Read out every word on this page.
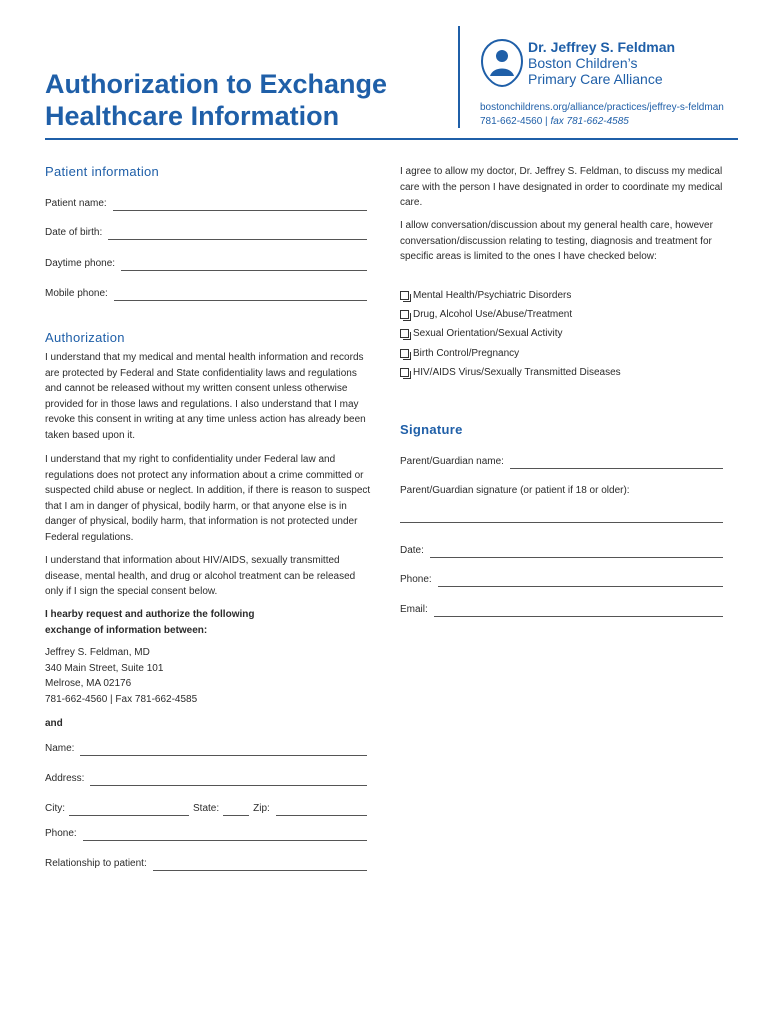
Authorization to Exchange
Healthcare Information
Dr. Jeffrey S. Feldman
Boston Children’s
Primary Care Alliance
bostonchildrens.org/alliance/practices/jeffrey-s-feldman
781-662-4560 | fax 781-662-4585
Patient information
Patient name:
Date of birth:
Daytime phone:
Mobile phone:
Authorization
I understand that my medical and mental health information and records are protected by Federal and State confidentiality laws and regulations and cannot be released without my written consent unless otherwise provided for in those laws and regulations. I also understand that I may revoke this consent in writing at any time unless action has already been taken based upon it.
I understand that my right to confidentiality under Federal law and regulations does not protect any information about a crime committed or suspected child abuse or neglect. In addition, if there is reason to suspect that I am in danger of physical, bodily harm, or that anyone else is in danger of physical, bodily harm, that information is not protected under Federal regulations.
I understand that information about HIV/AIDS, sexually transmitted disease, mental health, and drug or alcohol treatment can be released only if I sign the special consent below.
I hearby request and authorize the following
exchange of information between:
Jeffrey S. Feldman, MD
340 Main Street, Suite 101
Melrose, MA 02176
781-662-4560 | Fax 781-662-4585
and
Name:
Address:
City:	State:	Zip:
Phone:
Relationship to patient:
I agree to allow my doctor, Dr. Jeffrey S. Feldman, to discuss my medical care with the person I have designated in order to coordinate my medical care.
I allow conversation/discussion about my general health care, however conversation/discussion relating to testing, diagnosis and treatment for specific areas is limited to the ones I have checked below:
Mental Health/Psychiatric Disorders
Drug, Alcohol Use/Abuse/Treatment
Sexual Orientation/Sexual Activity
Birth Control/Pregnancy
HIV/AIDS Virus/Sexually Transmitted Diseases
Signature
Parent/Guardian name:
Parent/Guardian signature (or patient if 18 or older):
Date:
Phone:
Email:
